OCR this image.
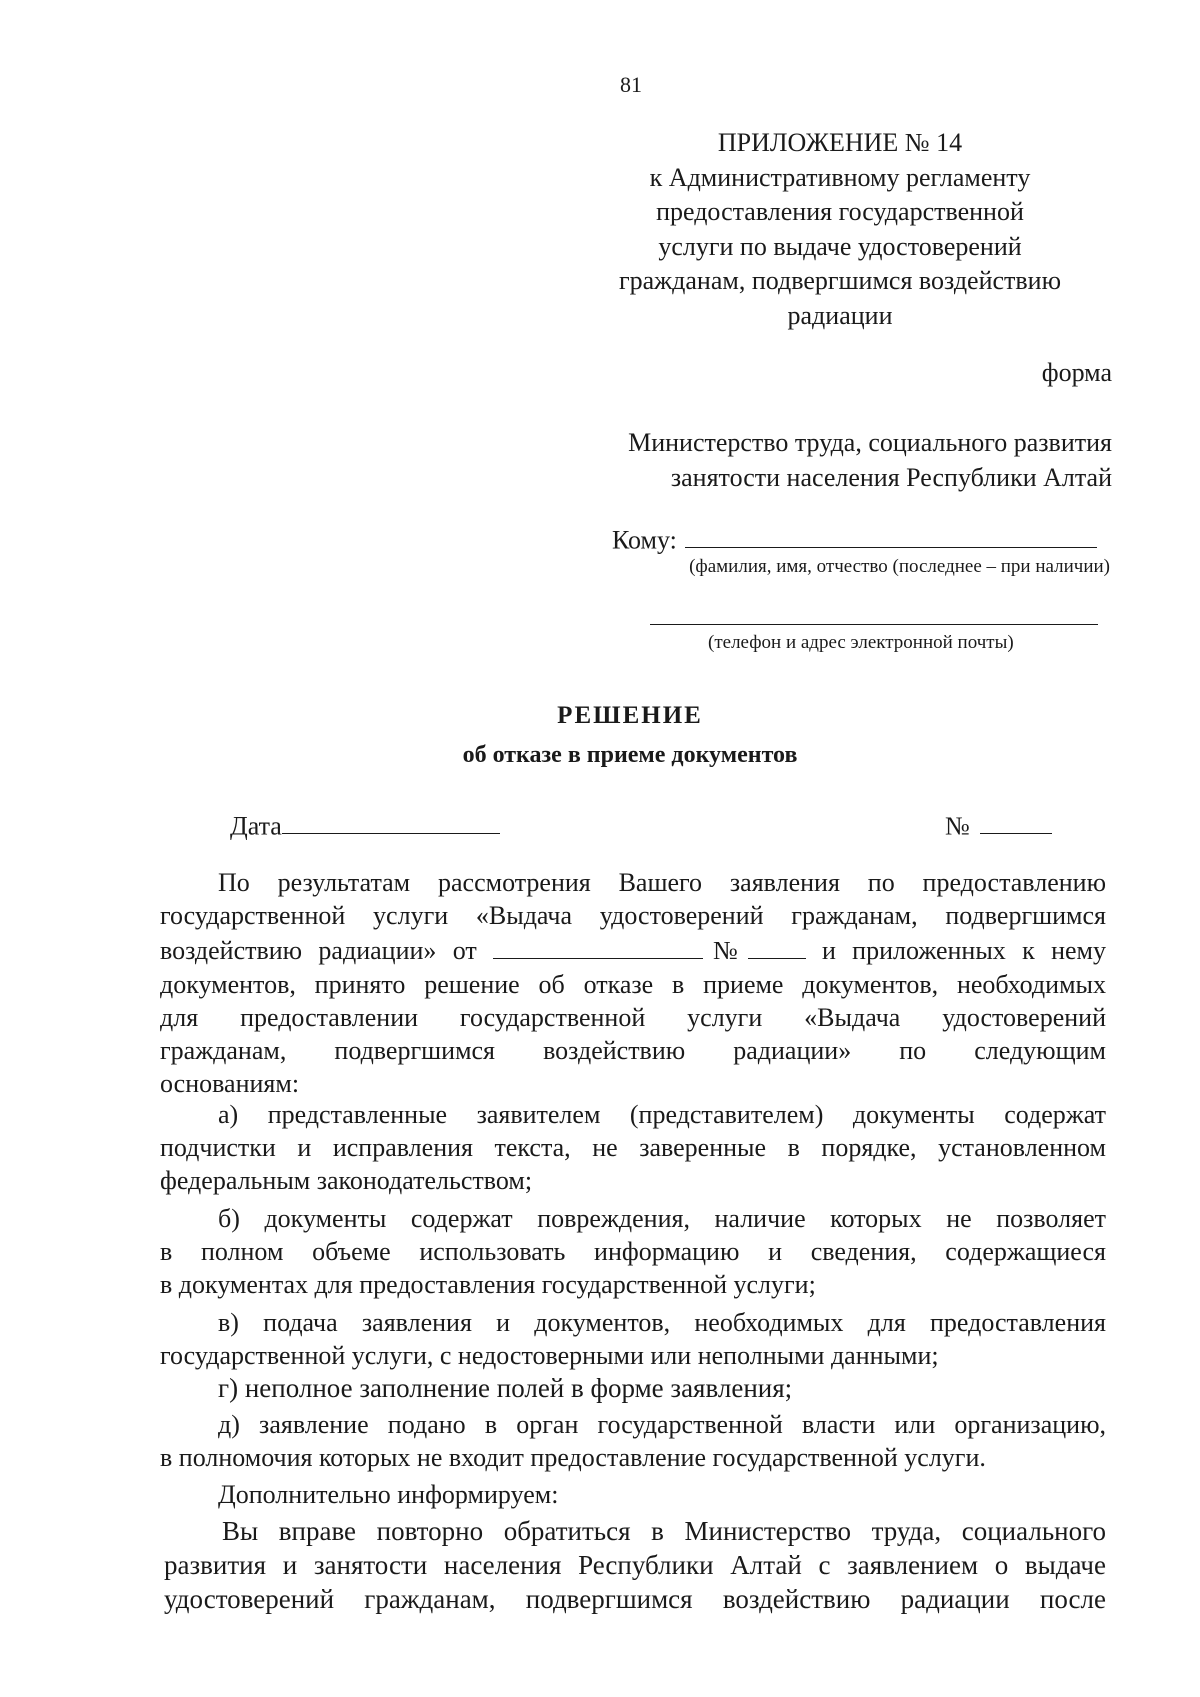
81
ПРИЛОЖЕНИЕ № 14
к Административному регламенту
предоставления государственной
услуги по выдаче удостоверений
гражданам, подвергшимся воздействию
радиации
форма
Министерство труда, социального развития
занятости населения Республики Алтай
Кому:
(фамилия, имя, отчество (последнее – при наличии)
(телефон и адрес электронной почты)
РЕШЕНИЕ
об отказе в приеме документов
Дата	№
По результатам рассмотрения Вашего заявления по предоставлению
государственной услуги «Выдача удостоверений гражданам, подвергшимся
воздействию радиации» от	№	и приложенных к нему
документов, принято решение об отказе в приеме документов, необходимых
для предоставлении государственной услуги «Выдача удостоверений
гражданам, подвергшимся воздействию радиации» по следующим
основаниям:
а) представленные заявителем (представителем) документы содержат
подчистки и исправления текста, не заверенные в порядке, установленном
федеральным законодательством;
б) документы содержат повреждения, наличие которых не позволяет
в полном объеме использовать информацию и сведения, содержащиеся
в документах для предоставления государственной услуги;
в) подача заявления и документов, необходимых для предоставления
государственной услуги, с недостоверными или неполными данными;
г) неполное заполнение полей в форме заявления;
д) заявление подано в орган государственной власти или организацию,
в полномочия которых не входит предоставление государственной услуги.
Дополнительно информируем:
Вы вправе повторно обратиться в Министерство труда, социального
развития и занятости населения Республики Алтай с заявлением о выдаче
удостоверений гражданам, подвергшимся воздействию радиации после
